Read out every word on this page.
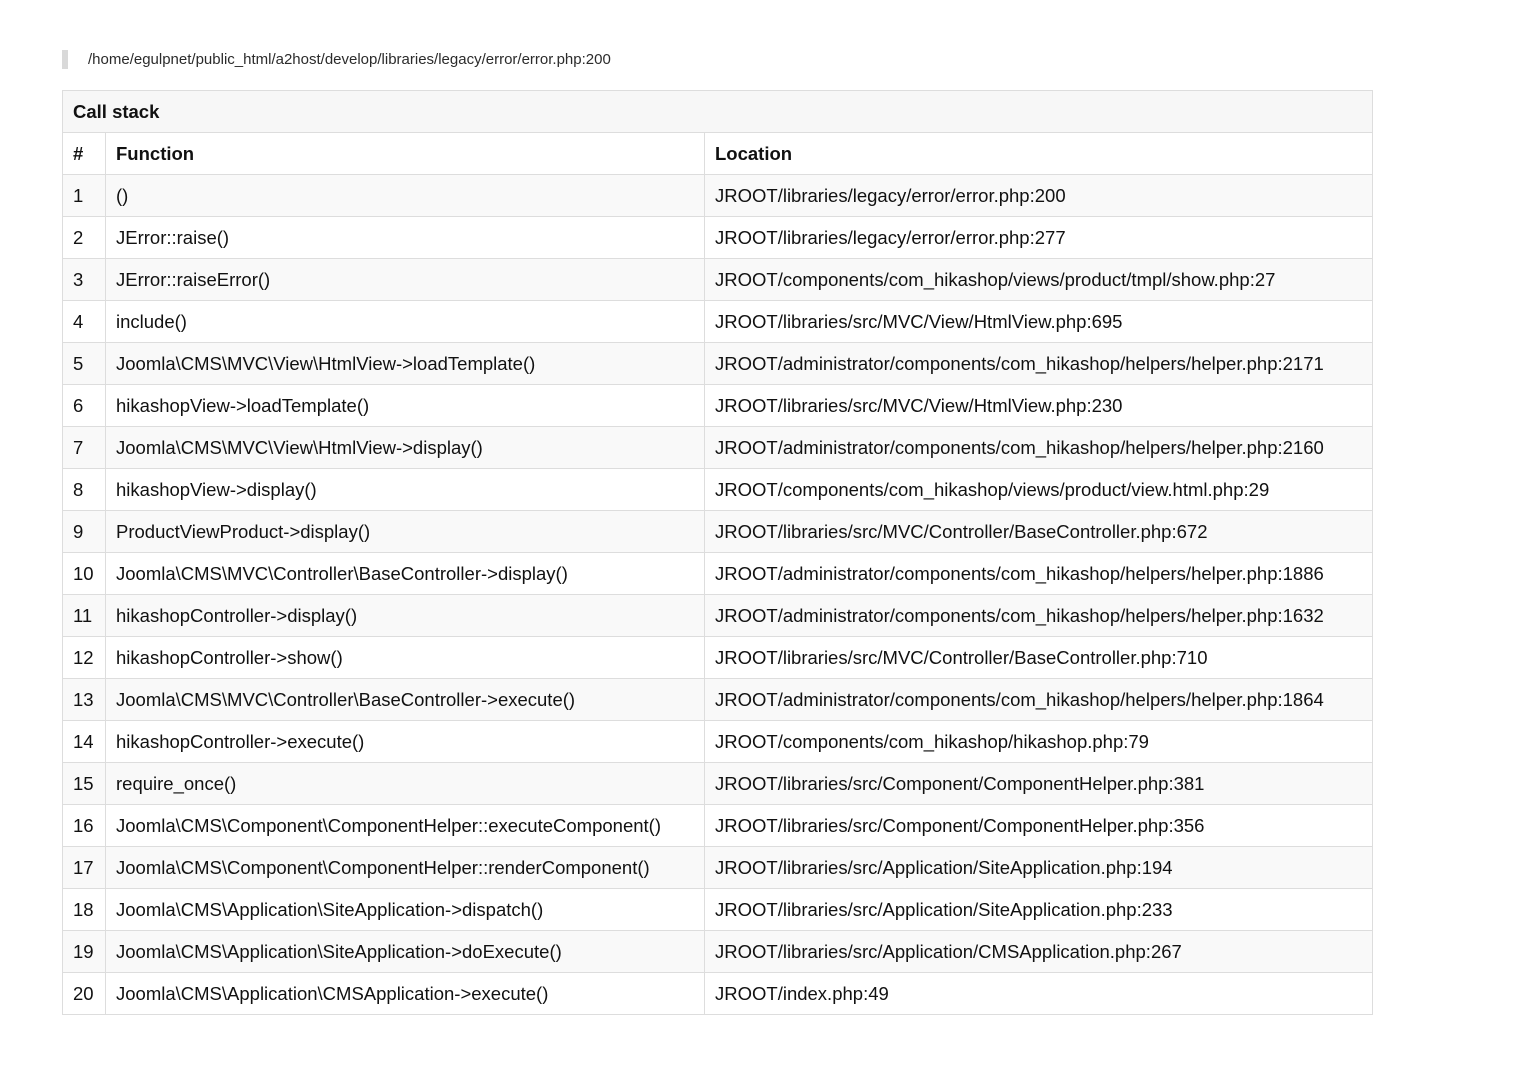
/home/egulpnet/public_html/a2host/develop/libraries/legacy/error/error.php:200
Call stack		
#	Function	Location
1	()	JROOT/libraries/legacy/error/error.php:200
2	JError::raise()	JROOT/libraries/legacy/error/error.php:277
3	JError::raiseError()	JROOT/components/com_hikashop/views/product/tmpl/show.php:27
4	include()	JROOT/libraries/src/MVC/View/HtmlView.php:695
5	Joomla\CMS\MVC\View\HtmlView->loadTemplate()	JROOT/administrator/components/com_hikashop/helpers/helper.php:2171
6	hikashopView->loadTemplate()	JROOT/libraries/src/MVC/View/HtmlView.php:230
7	Joomla\CMS\MVC\View\HtmlView->display()	JROOT/administrator/components/com_hikashop/helpers/helper.php:2160
8	hikashopView->display()	JROOT/components/com_hikashop/views/product/view.html.php:29
9	ProductViewProduct->display()	JROOT/libraries/src/MVC/Controller/BaseController.php:672
10	Joomla\CMS\MVC\Controller\BaseController->display()	JROOT/administrator/components/com_hikashop/helpers/helper.php:1886
11	hikashopController->display()	JROOT/administrator/components/com_hikashop/helpers/helper.php:1632
12	hikashopController->show()	JROOT/libraries/src/MVC/Controller/BaseController.php:710
13	Joomla\CMS\MVC\Controller\BaseController->execute()	JROOT/administrator/components/com_hikashop/helpers/helper.php:1864
14	hikashopController->execute()	JROOT/components/com_hikashop/hikashop.php:79
15	require_once()	JROOT/libraries/src/Component/ComponentHelper.php:381
16	Joomla\CMS\Component\ComponentHelper::executeComponent()	JROOT/libraries/src/Component/ComponentHelper.php:356
17	Joomla\CMS\Component\ComponentHelper::renderComponent()	JROOT/libraries/src/Application/SiteApplication.php:194
18	Joomla\CMS\Application\SiteApplication->dispatch()	JROOT/libraries/src/Application/SiteApplication.php:233
19	Joomla\CMS\Application\SiteApplication->doExecute()	JROOT/libraries/src/Application/CMSApplication.php:267
20	Joomla\CMS\Application\CMSApplication->execute()	JROOT/index.php:49
